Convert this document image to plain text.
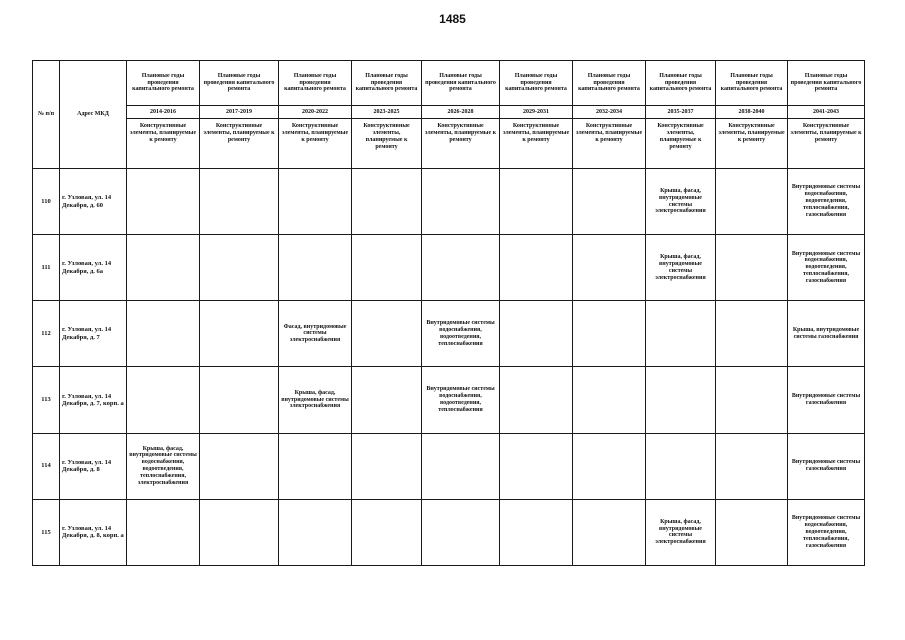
1485
№ п/п	Адрес МКД	Плановые годы проведения капитального ремонта	Плановые годы проведения капитального ремонта	Плановые годы проведения капитального ремонта	Плановые годы проведения капитального ремонта	Плановые годы проведения капитального ремонта	Плановые годы проведения капитального ремонта	Плановые годы проведения капитального ремонта	Плановые годы проведения капитального ремонта	Плановые годы проведения капитального ремонта	Плановые годы проведения капитального ремонта
		2014-2016	2017-2019	2020-2022	2023-2025	2026-2028	2029-2031	2032-2034	2035-2037	2038-2040	2041-2043
		Конструктивные элементы, планируемые к ремонту	Конструктивные элементы, планируемые к ремонту	Конструктивные элементы, планируемые к ремонту	Конструктивные элементы, планируемые к ремонту	Конструктивные элементы, планируемые к ремонту	Конструктивные элементы, планируемые к ремонту	Конструктивные элементы, планируемые к ремонту	Конструктивные элементы, планируемые к ремонту	Конструктивные элементы, планируемые к ремонту	Конструктивные элементы, планируемые к ремонту
110	г. Узловая, ул. 14 Декабря, д. 60								Крыша, фасад, внутридомовые системы электроснабжения		Внутридомовые системы водоснабжения, водоотведения, теплоснабжения, газоснабжения
111	г. Узловая, ул. 14 Декабря, д. 6а								Крыша, фасад, внутридомовые системы электроснабжения		Внутридомовые системы водоснабжения, водоотведения, теплоснабжения, газоснабжения
112	г. Узловая, ул. 14 Декабря, д. 7			Фасад, внутридомовые системы электроснабжения		Внутридомовые системы водоснабжения, водоотведения, теплоснабжения					Крыша, внутридомовые системы газоснабжения
113	г. Узловая, ул. 14 Декабря, д. 7, корп. а			Крыша, фасад, внутридомовые системы электроснабжения		Внутридомовые системы водоснабжения, водоотведения, теплоснабжения					Внутридомовые системы газоснабжения
114	г. Узловая, ул. 14 Декабря, д. 8	Крыша, фасад, внутридомовые системы водоснабжения, водоотведения, теплоснабжения, электроснабжения									Внутридомовые системы газоснабжения
115	г. Узловая, ул. 14 Декабря, д. 8, корп. а								Крыша, фасад, внутридомовые системы электроснабжения		Внутридомовые системы водоснабжения, водоотведения, теплоснабжения, газоснабжения
